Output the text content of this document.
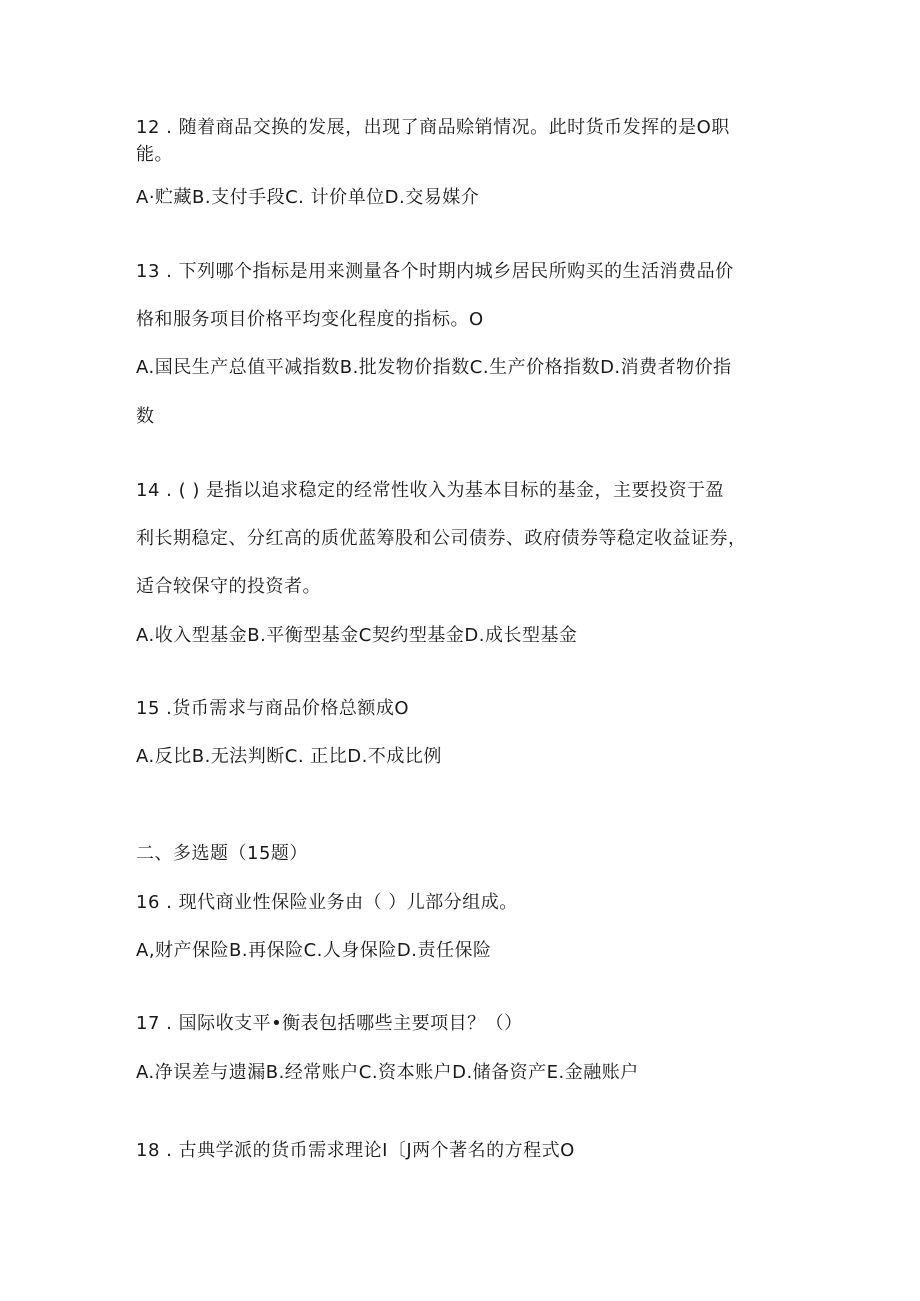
12 . 随着商品交换的发展，出现了商品赊销情况。此时货币发挥的是O职
能。
A·贮藏B.支付手段C. 计价单位D.交易媒介
13 . 下列哪个指标是用来测量各个时期内城乡居民所购买的生活消费品价
格和服务项目价格平均变化程度的指标。O
A.国民生产总值平减指数B.批发物价指数C.生产价格指数D.消费者物价指
数
14 . ( ) 是指以追求稳定的经常性收入为基本目标的基金，主要投资于盈
利长期稳定、分红高的质优蓝筹股和公司债券、政府债券等稳定收益证券，
适合较保守的投资者。
A.收入型基金B.平衡型基金C契约型基金D.成长型基金
15 .货币需求与商品价格总额成O
A.反比B.无法判断C. 正比D.不成比例
二、多选题（15题）
16 . 现代商业性保险业务由（ ）儿部分组成。
A,财产保险B.再保险C.人身保险D.责任保险
17 . 国际收支平•衡表包括哪些主要项目？（）
A.净误差与遗漏B.经常账户C.资本账户D.储备资产E.金融账户
18 . 古典学派的货币需求理论I〔J两个著名的方程式O
